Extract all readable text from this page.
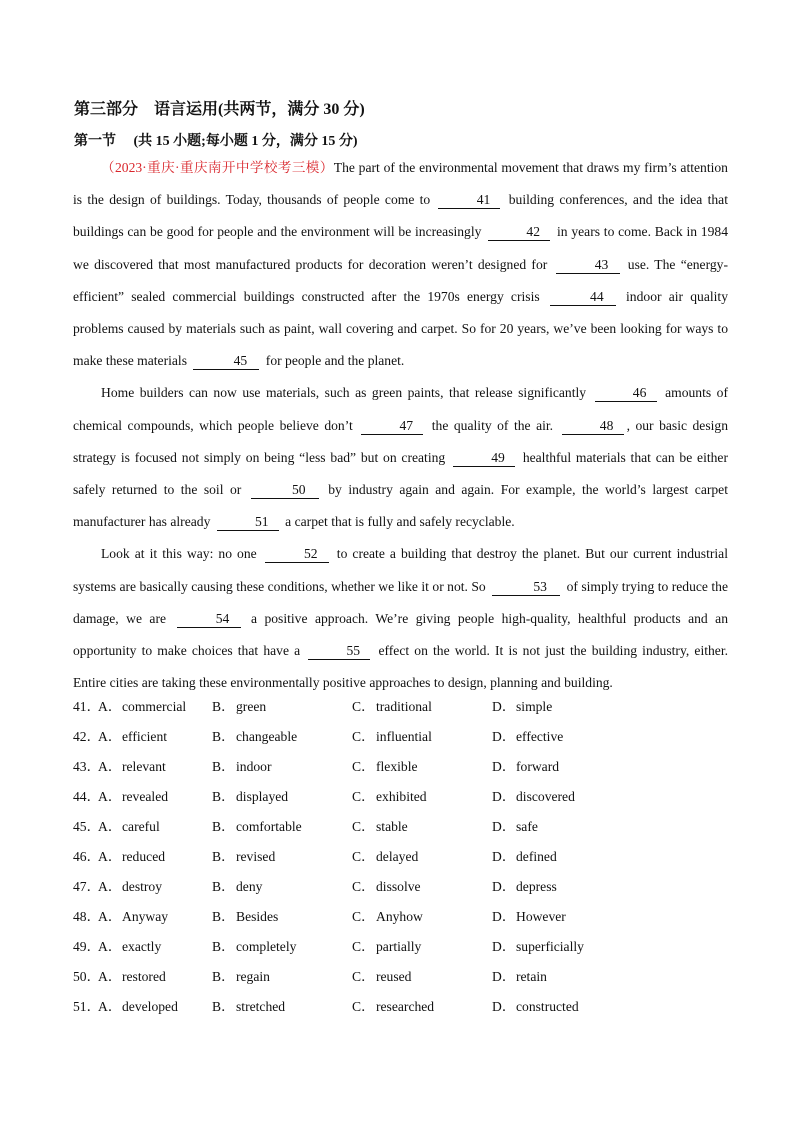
第三部分　语言运用(共两节，满分 30 分)
第一节　 (共 15 小题;每小题 1 分，满分 15 分)

（2023·重庆·重庆南开中学校考三模）The part of the environmental movement that draws my firm’s attention is the design of buildings. Today, thousands of people come to	41 building conferences, and the idea that buildings can be good for people and the environment will be increasingly	42 in years to come. Back in 1984 we discovered that most manufactured products for decoration weren’t designed for	43 use. The “energy-efficient” sealed commercial buildings constructed after the 1970s energy crisis	44 indoor air quality problems caused by materials such as paint, wall covering and carpet. So for 20 years, we’ve been looking for ways to make these materials	45 for people and the planet.

Home builders can now use materials, such as green paints, that release significantly	46 amounts of chemical compounds, which people believe don’t	47 the quality of the air.	48 , our basic design strategy is focused not simply on being “less bad” but on creating	49 healthful materials that can be either safely returned to the soil or	50 by industry again and again. For example, the world’s largest carpet manufacturer has already	51 a carpet that is fully and safely recyclable.

Look at it this way: no one	52 to create a building that destroy the planet. But our current industrial systems are basically causing these conditions, whether we like it or not. So	53 of simply trying to reduce the damage, we are	54 a positive approach. We’re giving people high-quality, healthful products and an opportunity to make choices that have a	55 effect on the world. It is not just the building industry, either. Entire cities are taking these environmentally positive approaches to design, planning and building.

41．
A．commercial B．green	C．traditional	D．simple
42．
A．efficient	B．changeable	C．influential	D．effective
43．
A．relevant	B．indoor	C．flexible	D．forward
44．
A．revealed	B．displayed	C．exhibited	D．discovered
45．
A．careful	B．comfortable	C．stable	D．safe
46．
A．reduced	B．revised	C．delayed	D．defined
47．
A．destroy	B．deny	C．dissolve	D．depress
48．
A．Anyway	B．Besides	C．Anyhow	D．However
49．
A．exactly	B．completely	C．partially	D．superficially
50．
A．restored	B．regain	C．reused	D．retain
51．
A．developed	B．stretched	C．researched	D．constructed
